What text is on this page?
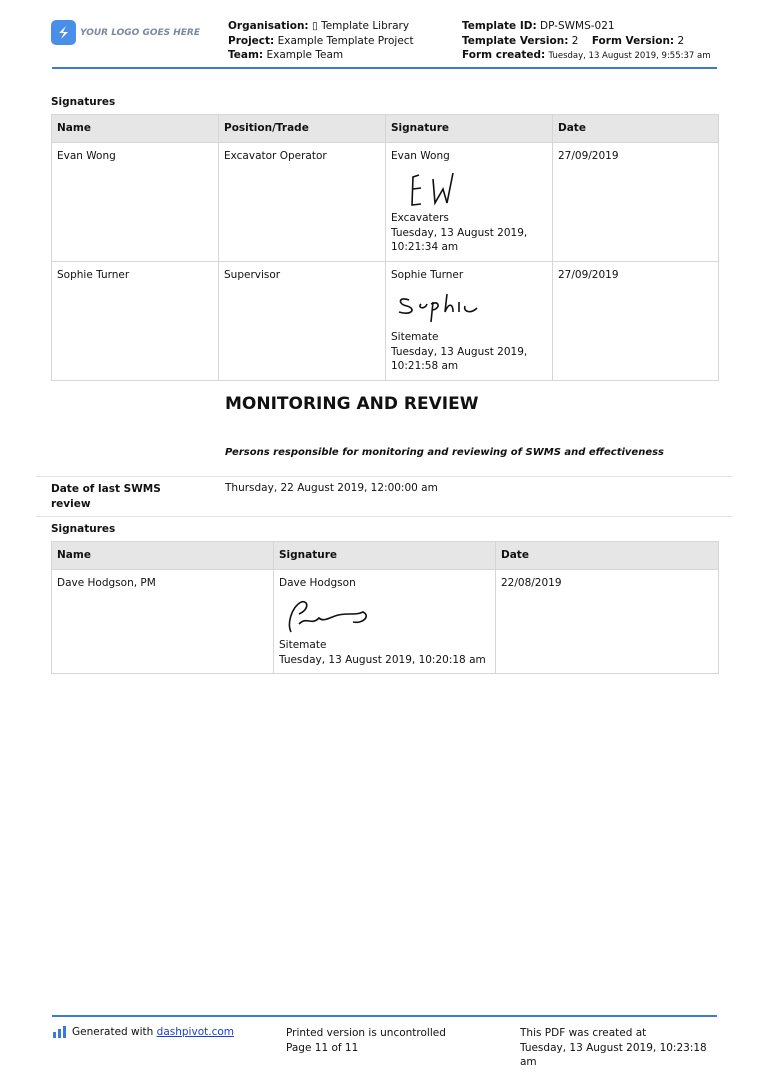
YOUR LOGO GOES HERE
Organisation: ▯ Template Library
Project: Example Template Project
Team: Example Team
Template ID: DP-SWMS-021
Template Version: 2 Form Version: 2
Form created: Tuesday, 13 August 2019, 9:55:37 am
Signatures
Name	Position/Trade	Signature	Date
Evan Wong	Excavator Operator	Evan Wong
Excavaters
Tuesday, 13 August 2019,
10:21:34 am	27/09/2019
Sophie Turner	Supervisor	Sophie Turner
Sitemate
Tuesday, 13 August 2019,
10:21:58 am	27/09/2019
MONITORING AND REVIEW
Persons responsible for monitoring and reviewing of SWMS and effectiveness
Date of last SWMS review
Thursday, 22 August 2019, 12:00:00 am
Signatures
Name	Signature	Date
Dave Hodgson, PM	Dave Hodgson
Sitemate
Tuesday, 13 August 2019, 10:20:18 am	22/08/2019
Generated with dashpivot.com	Printed version is uncontrolled
Page 11 of 11
This PDF was created at
Tuesday, 13 August 2019, 10:23:18 am
